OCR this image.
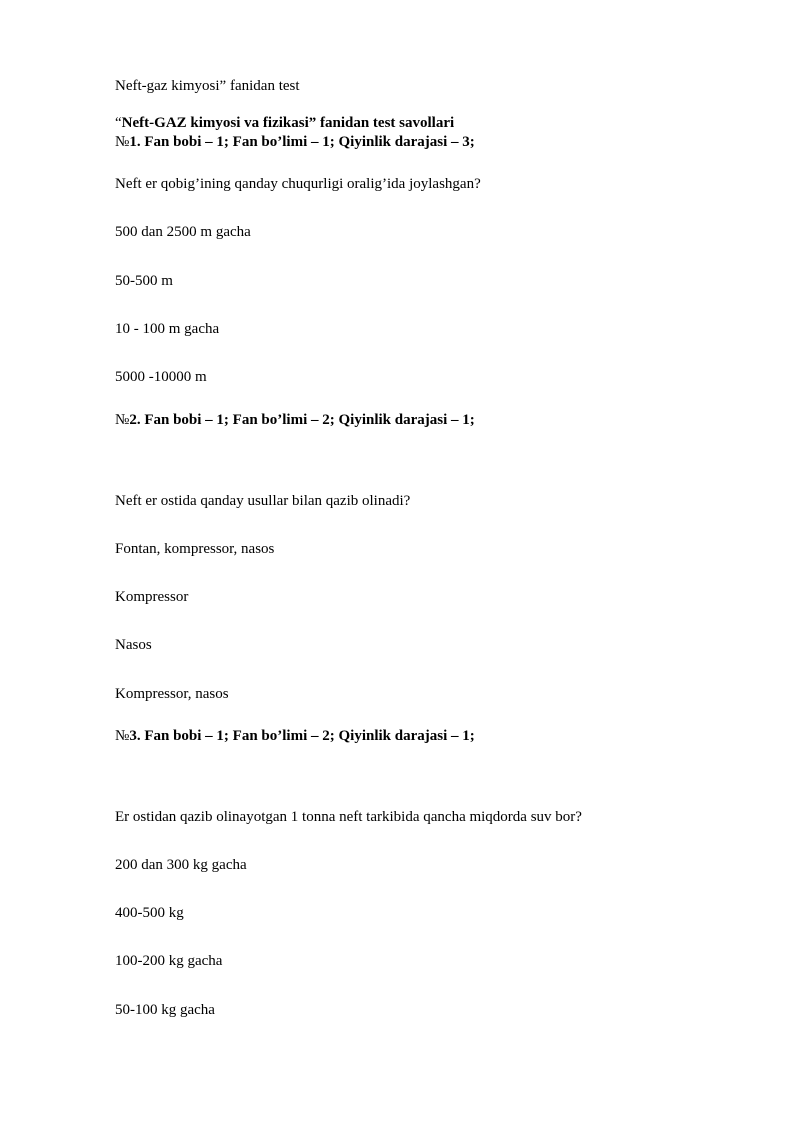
Neft-gaz kimyosi” fanidan test
“Neft-GAZ kimyosi va fizikasi” fanidan test savollari
№1. Fan bobi – 1; Fan bo’limi – 1; Qiyinlik darajasi – 3;
Neft er qobig’ining qanday chuqurligi oralig’ida joylashgan?
500 dan 2500 m gacha
50-500 m
10 - 100 m gacha
5000 -10000 m
№2. Fan bobi – 1; Fan bo’limi – 2; Qiyinlik darajasi – 1;
Neft er ostida qanday usullar bilan qazib olinadi?
Fontan, kompressor, nasos
Kompressor
Nasos
Kompressor, nasos
№3. Fan bobi – 1; Fan bo’limi – 2; Qiyinlik darajasi – 1;
Er ostidan qazib olinayotgan 1 tonna neft tarkibida qancha miqdorda suv bor?
200 dan 300 kg gacha
400-500 kg
100-200 kg gacha
50-100 kg gacha
